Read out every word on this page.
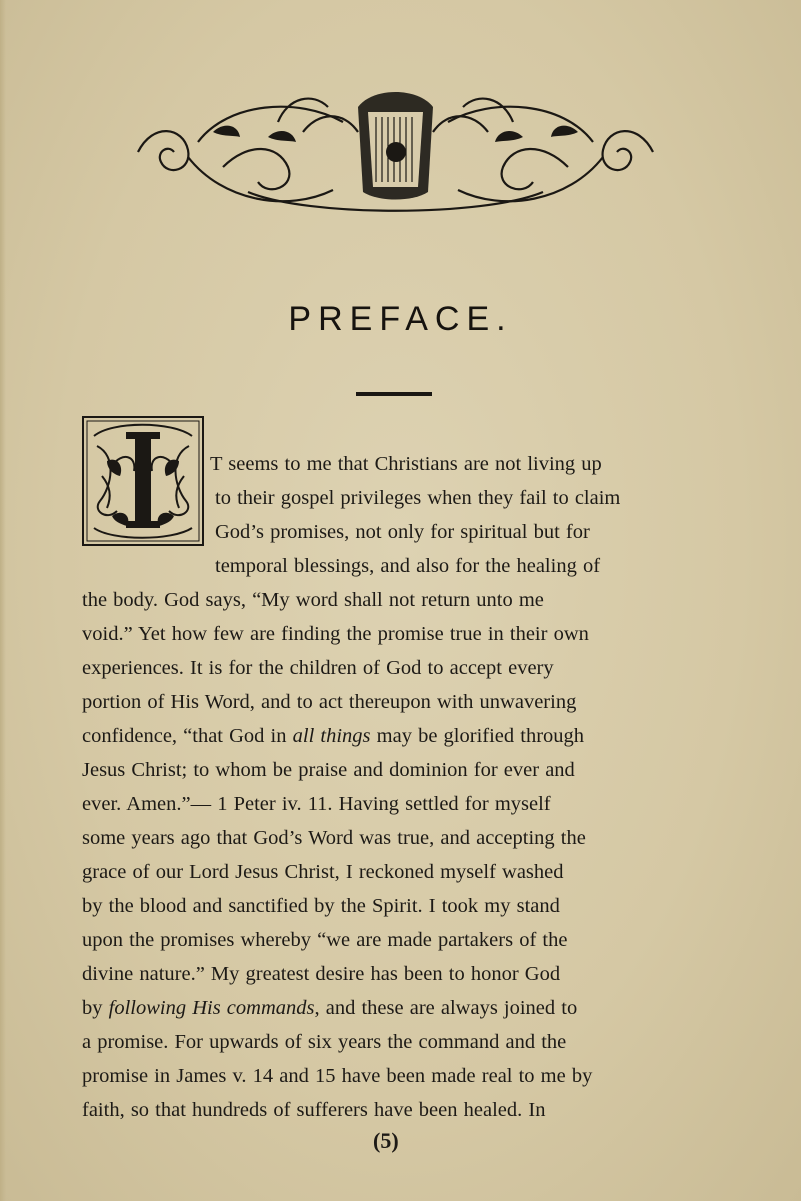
PREFACE.
T seems to me that Christians are not living up
to their gospel privileges when they fail to claim
God’s promises, not only for spiritual but for
temporal blessings, and also for the healing of
the body. God says, “My word shall not return unto me
void.” Yet how few are finding the promise true in their own
experiences. It is for the children of God to accept every
portion of His Word, and to act thereupon with unwavering
confidence, “that God in all things may be glorified through
Jesus Christ; to whom be praise and dominion for ever and
ever. Amen.”— 1 Peter iv. 11. Having settled for myself
some years ago that God’s Word was true, and accepting the
grace of our Lord Jesus Christ, I reckoned myself washed
by the blood and sanctified by the Spirit. I took my stand
upon the promises whereby “we are made partakers of the
divine nature.” My greatest desire has been to honor God
by following His commands, and these are always joined to
a promise. For upwards of six years the command and the
promise in James v. 14 and 15 have been made real to me by
faith, so that hundreds of sufferers have been healed. In
(5)
